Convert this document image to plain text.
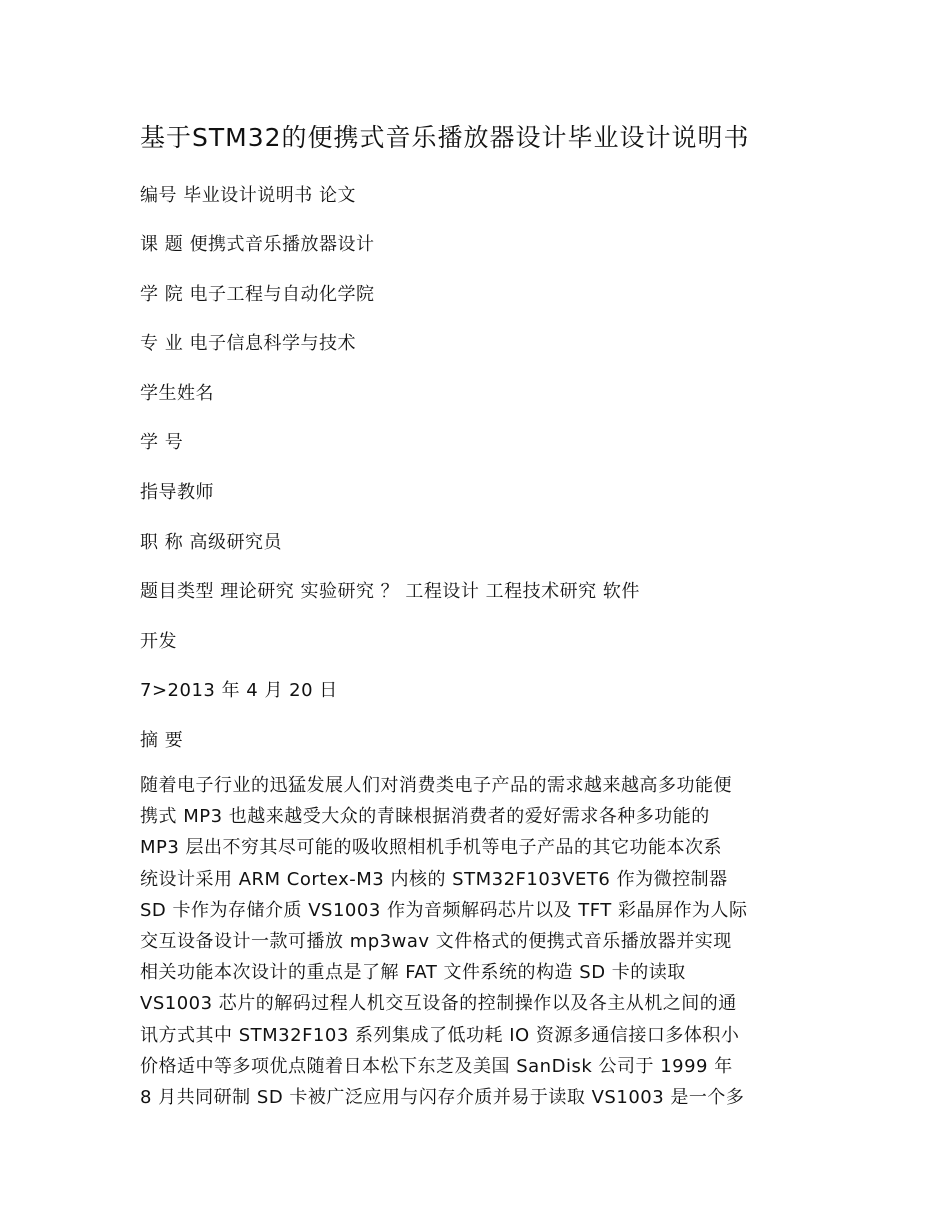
基于STM32的便携式音乐播放器设计毕业设计说明书
编号 毕业设计说明书 论文
课 题 便携式音乐播放器设计
学 院 电子工程与自动化学院
专 业 电子信息科学与技术
学生姓名
学 号
指导教师
职 称 高级研究员
题目类型 理论研究 实验研究 ？ 工程设计 工程技术研究 软件
开发
7>2013 年 4 月 20 日
摘 要
随着电子行业的迅猛发展人们对消费类电子产品的需求越来越高多功能便
携式 MP3 也越来越受大众的青睐根据消费者的爱好需求各种多功能的
MP3 层出不穷其尽可能的吸收照相机手机等电子产品的其它功能本次系
统设计采用 ARM Cortex-M3 内核的 STM32F103VET6 作为微控制器
SD 卡作为存储介质 VS1003 作为音频解码芯片以及 TFT 彩晶屏作为人际
交互设备设计一款可播放 mp3wav 文件格式的便携式音乐播放器并实现
相关功能本次设计的重点是了解 FAT 文件系统的构造 SD 卡的读取
VS1003 芯片的解码过程人机交互设备的控制操作以及各主从机之间的通
讯方式其中 STM32F103 系列集成了低功耗 IO 资源多通信接口多体积小
价格适中等多项优点随着日本松下东芝及美国 SanDisk 公司于 1999 年
8 月共同研制 SD 卡被广泛应用与闪存介质并易于读取 VS1003 是一个多
